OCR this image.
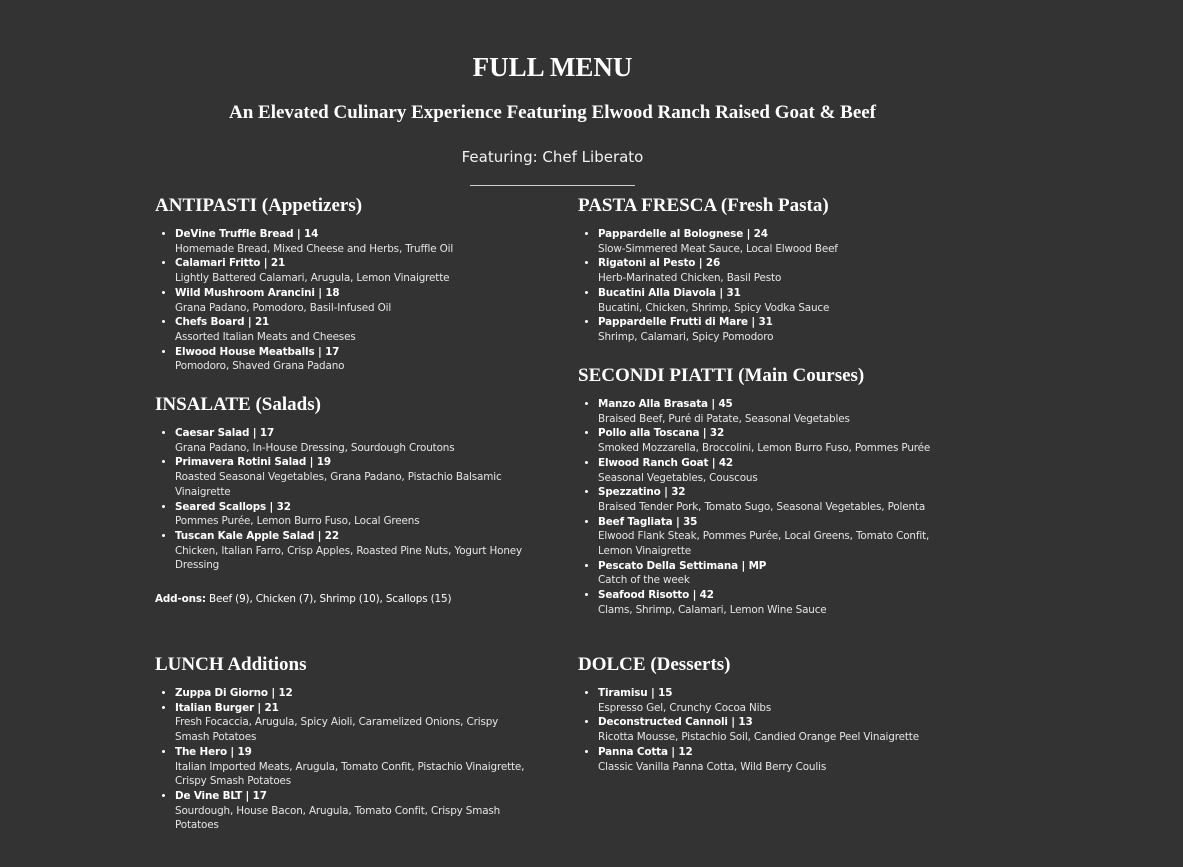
FULL MENU
An Elevated Culinary Experience Featuring Elwood Ranch Raised Goat & Beef

Featuring: Chef Liberato

ANTIPASTI (Appetizers)
• DeVine Truffle Bread | 14
Homemade Bread, Mixed Cheese and Herbs, Truffle Oil
• Calamari Fritto | 21
Lightly Battered Calamari, Arugula, Lemon Vinaigrette
• Wild Mushroom Arancini | 18
Grana Padano, Pomodoro, Basil-Infused Oil
• Chefs Board | 21
Assorted Italian Meats and Cheeses
• Elwood House Meatballs | 17
Pomodoro, Shaved Grana Padano
INSALATE (Salads)
• Caesar Salad | 17
Grana Padano, In-House Dressing, Sourdough Croutons
• Primavera Rotini Salad | 19
Roasted Seasonal Vegetables, Grana Padano, Pistachio Balsamic Vinaigrette
• Seared Scallops | 32
Pommes Purée, Lemon Burro Fuso, Local Greens
• Tuscan Kale Apple Salad | 22
Chicken, Italian Farro, Crisp Apples, Roasted Pine Nuts, Yogurt Honey Dressing

Add-ons: Beef (9), Chicken (7), Shrimp (10), Scallops (15)

LUNCH Additions
• Zuppa Di Giorno | 12
• Italian Burger | 21
Fresh Focaccia, Arugula, Spicy Aioli, Caramelized Onions, Crispy Smash Potatoes
• The Hero | 19
Italian Imported Meats, Arugula, Tomato Confit, Pistachio Vinaigrette, Crispy Smash Potatoes
• De Vine BLT | 17
Sourdough, House Bacon, Arugula, Tomato Confit, Crispy Smash Potatoes
PASTA FRESCA (Fresh Pasta)
• Pappardelle al Bolognese | 24
Slow-Simmered Meat Sauce, Local Elwood Beef
• Rigatoni al Pesto | 26
Herb-Marinated Chicken, Basil Pesto
• Bucatini Alla Diavola | 31
Bucatini, Chicken, Shrimp, Spicy Vodka Sauce
• Pappardelle Frutti di Mare | 31
Shrimp, Calamari, Spicy Pomodoro
SECONDI PIATTI (Main Courses)
• Manzo Alla Brasata | 45
Braised Beef, Puré di Patate, Seasonal Vegetables
• Pollo alla Toscana | 32
Smoked Mozzarella, Broccolini, Lemon Burro Fuso, Pommes Purée
• Elwood Ranch Goat | 42
Seasonal Vegetables, Couscous
• Spezzatino | 32
Braised Tender Pork, Tomato Sugo, Seasonal Vegetables, Polenta
• Beef Tagliata | 35
Elwood Flank Steak, Pommes Purée, Local Greens, Tomato Confit, Lemon Vinaigrette
• Pescato Della Settimana | MP
Catch of the week
• Seafood Risotto | 42
Clams, Shrimp, Calamari, Lemon Wine Sauce
DOLCE (Desserts)
• Tiramisu | 15
Espresso Gel, Crunchy Cocoa Nibs
• Deconstructed Cannoli | 13
Ricotta Mousse, Pistachio Soil, Candied Orange Peel Vinaigrette
• Panna Cotta | 12
Classic Vanilla Panna Cotta, Wild Berry Coulis
